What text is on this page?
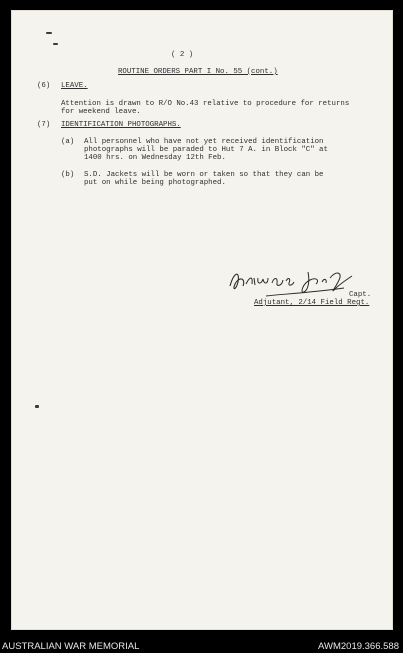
( 2 )
ROUTINE ORDERS PART I No. 55 (cont.)
(6) LEAVE.
Attention is drawn to R/O No.43 relative to procedure for returns
for weekend leave.
(7) IDENTIFICATION PHOTOGRAPHS.
(a) All personnel who have not yet received identification
photographs will be paraded to Hut 7 A. in Block "C" at
1400 hrs. on Wednesday 12th Feb.
(b) S.D. Jackets will be worn or taken so that they can be
put on while being photographed.
Capt.
Adjutant, 2/14 Field Regt.
AUSTRALIAN WAR MEMORIAL	AWM2019.366.588
